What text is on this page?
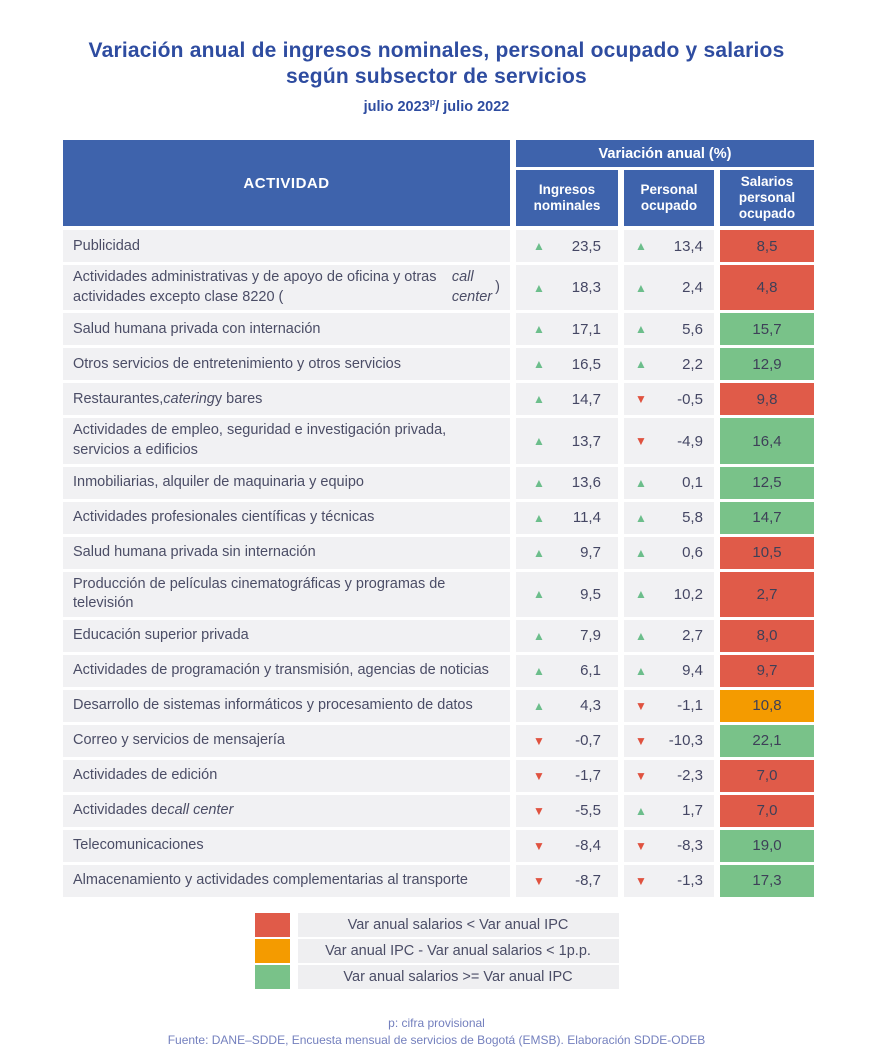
Variación anual de ingresos nominales, personal ocupado y salarios
según subsector de servicios
julio 2023$^p$/ julio 2022
ACTIVIDAD
Variación anual (%)
Ingresos nominales
Personal ocupado
Salarios personal ocupado
Publicidad	▲	23,5	▲	13,4	8,5
Actividades administrativas y de apoyo de oficina y otras actividades excepto clase 8220 (
call center
)	▲	18,3	▲	2,4	4,8
Salud humana privada con internación	▲	17,1	▲	5,6	15,7
Otros servicios de entretenimiento y otros servicios	▲	16,5	▲	2,2	12,9
Restaurantes, catering y bares	▲	14,7	▼	-0,5	9,8
Actividades de empleo, seguridad e investigación privada, servicios a edificios
▲	13,7	▼	-4,9	16,4
Inmobiliarias, alquiler de maquinaria y equipo	▲	13,6	▲	0,1	12,5
Actividades profesionales científicas y técnicas	▲	11,4	▲	5,8	14,7
Salud humana privada sin internación	▲	9,7	▲	0,6	10,5
Producción de películas cinematográficas y programas de televisión
▲	9,5	▲	10,2	2,7
Educación superior privada	▲	7,9	▲	2,7	8,0
Actividades de programación y transmisión, agencias de noticias	▲	6,1	▲	9,4	9,7
Desarrollo de sistemas informáticos y procesamiento de datos	▲	4,3	▼	-1,1	10,8
Correo y servicios de mensajería	▼	-0,7	▼	-10,3	22,1
Actividades de edición	▼	-1,7	▼	-2,3	7,0
Actividades de call center	▼	-5,5	▲	1,7	7,0
Telecomunicaciones	▼	-8,4	▼	-8,3	19,0
Almacenamiento y actividades complementarias al transporte	▼	-8,7	▼	-1,3	17,3
Var anual salarios < Var anual IPC
Var anual IPC - Var anual salarios < 1p.p.
Var anual salarios >= Var anual IPC
p: cifra provisional
Fuente: DANE–SDDE, Encuesta mensual de servicios de Bogotá (EMSB). Elaboración SDDE-ODEB
